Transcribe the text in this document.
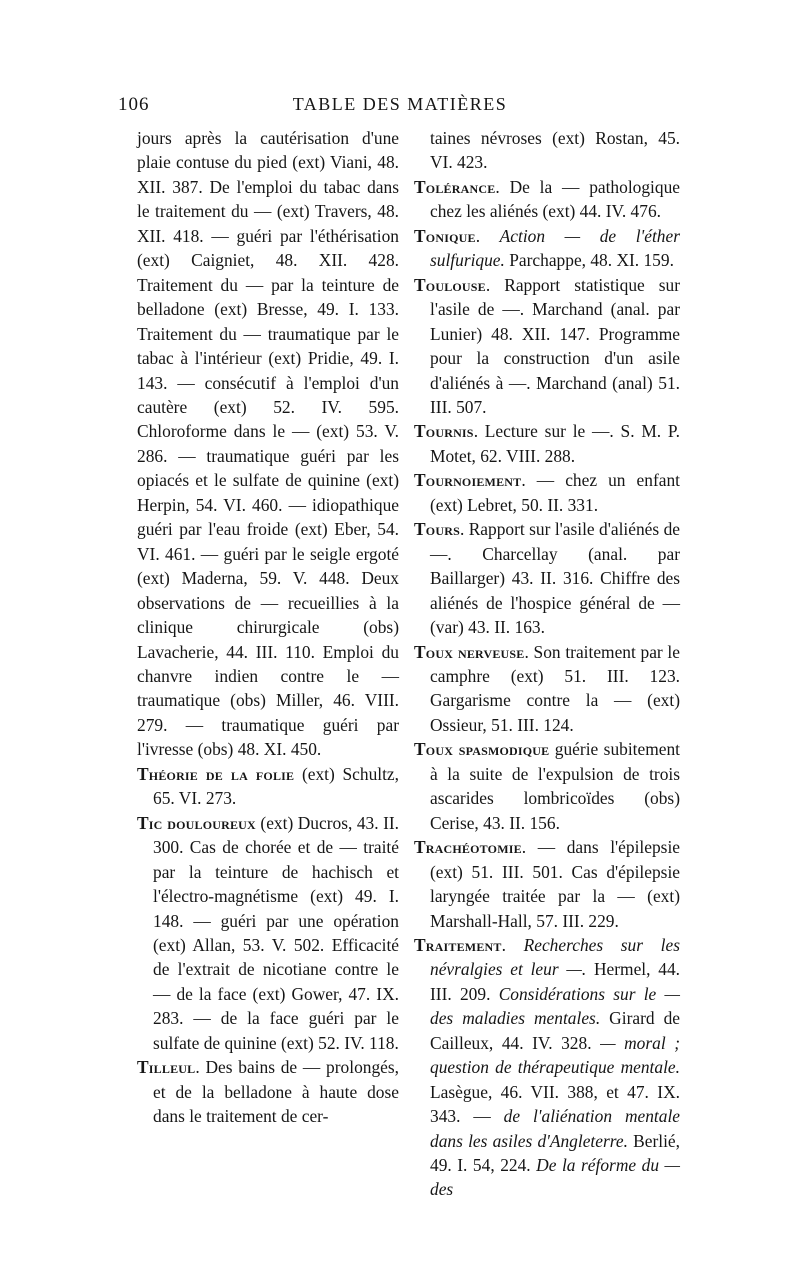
106	TABLE DES MATIÈRES

jours après la cautérisation d'une plaie contuse du pied (ext) Viani, 48. XII. 387. De l'emploi du tabac dans le traitement du — (ext) Travers, 48. XII. 418. — guéri par l'éthérisation (ext) Caigniet, 48. XII. 428. Traitement du — par la teinture de belladone (ext) Bresse, 49. I. 133. Traitement du — traumatique par le tabac à l'intérieur (ext) Pridie, 49. I. 143. — consécutif à l'emploi d'un cautère (ext) 52. IV. 595. Chloroforme dans le — (ext) 53. V. 286. — traumatique guéri par les opiacés et le sulfate de quinine (ext) Herpin, 54. VI. 460. — idiopathique guéri par l'eau froide (ext) Eber, 54. VI. 461. — guéri par le seigle ergoté (ext) Maderna, 59. V. 448. Deux observations de — recueillies à la clinique chirurgicale (obs) Lavacherie, 44. III. 110. Emploi du chanvre indien contre le — traumatique (obs) Miller, 46. VIII. 279. — traumatique guéri par l'ivresse (obs) 48. XI. 450.

Théorie de la folie (ext) Schultz, 65. VI. 273.

Tic douloureux (ext) Ducros, 43. II. 300. Cas de chorée et de — traité par la teinture de hachisch et l'électro-magnétisme (ext) 49. I. 148. — guéri par une opération (ext) Allan, 53. V. 502. Efficacité de l'extrait de nicotiane contre le — de la face (ext) Gower, 47. IX. 283. — de la face guéri par le sulfate de quinine (ext) 52. IV. 118.

Tilleul. Des bains de — prolongés, et de la belladone à haute dose dans le traitement de cer-

taines névroses (ext) Rostan, 45. VI. 423.

Tolérance. De la — pathologique chez les aliénés (ext) 44. IV. 476.

Tonique. Action — de l'éther sulfurique. Parchappe, 48. XI. 159.

Toulouse. Rapport statistique sur l'asile de —. Marchand (anal. par Lunier) 48. XII. 147. Programme pour la construction d'un asile d'aliénés à —. Marchand (anal) 51. III. 507.

Tournis. Lecture sur le —. S. M. P. Motet, 62. VIII. 288.

Tournoiement. — chez un enfant (ext) Lebret, 50. II. 331.

Tours. Rapport sur l'asile d'aliénés de —. Charcellay (anal. par Baillarger) 43. II. 316. Chiffre des aliénés de l'hospice général de — (var) 43. II. 163.

Toux nerveuse. Son traitement par le camphre (ext) 51. III. 123. Gargarisme contre la — (ext) Ossieur, 51. III. 124.

Toux spasmodique guérie subitement à la suite de l'expulsion de trois ascarides lombricoïdes (obs) Cerise, 43. II. 156.

Trachéotomie. — dans l'épilepsie (ext) 51. III. 501. Cas d'épilepsie laryngée traitée par la — (ext) Marshall-Hall, 57. III. 229.

Traitement. Recherches sur les névralgies et leur —. Hermel, 44. III. 209. Considérations sur le — des maladies mentales. Girard de Cailleux, 44. IV. 328. — moral ; question de thérapeutique mentale. Lasègue, 46. VII. 388, et 47. IX. 343. — de l'aliénation mentale dans les asiles d'Angleterre. Berlié, 49. I. 54, 224. De la réforme du — des
